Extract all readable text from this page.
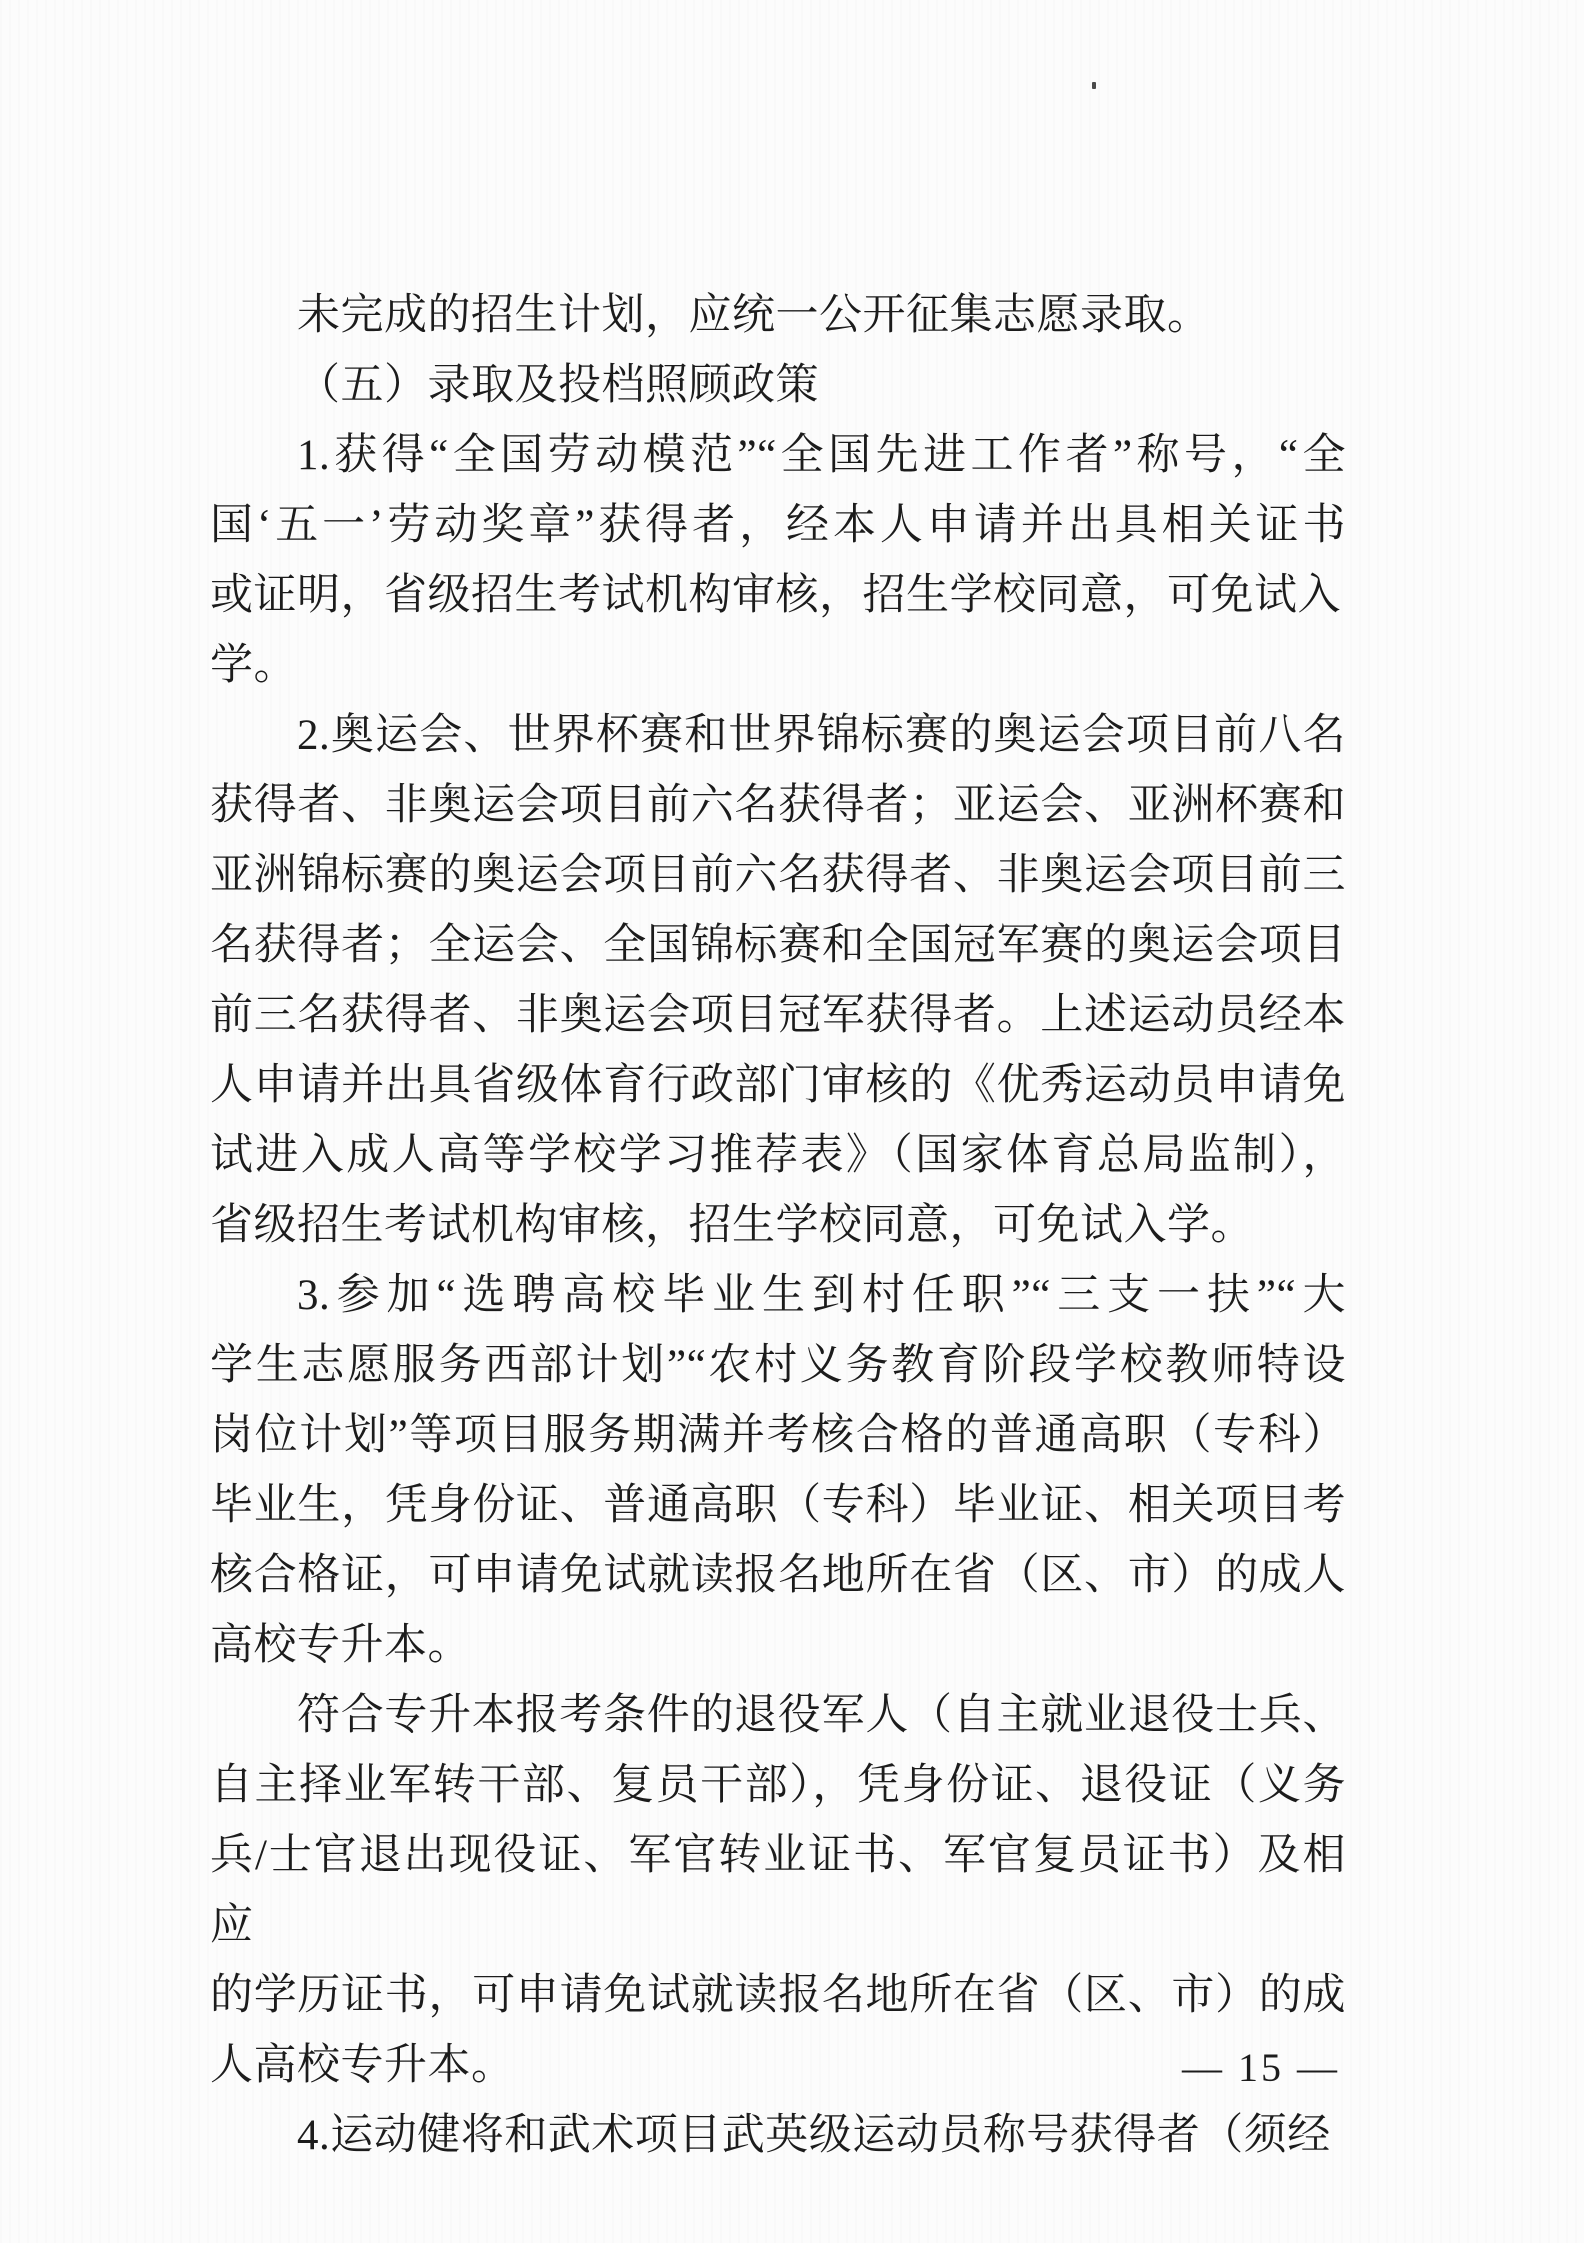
未完成的招生计划，应统一公开征集志愿录取。
（五）录取及投档照顾政策
1.获得“全国劳动模范”“全国先进工作者”称号，“全
国‘五一’劳动奖章”获得者，经本人申请并出具相关证书
或证明，省级招生考试机构审核，招生学校同意，可免试入学。
2.奥运会、世界杯赛和世界锦标赛的奥运会项目前八名
获得者、非奥运会项目前六名获得者；亚运会、亚洲杯赛和
亚洲锦标赛的奥运会项目前六名获得者、非奥运会项目前三
名获得者；全运会、全国锦标赛和全国冠军赛的奥运会项目
前三名获得者、非奥运会项目冠军获得者。上述运动员经本
人申请并出具省级体育行政部门审核的《优秀运动员申请免
试进入成人高等学校学习推荐表》（国家体育总局监制），
省级招生考试机构审核，招生学校同意，可免试入学。
3.参加“选聘高校毕业生到村任职”“三支一扶”“大
学生志愿服务西部计划”“农村义务教育阶段学校教师特设
岗位计划”等项目服务期满并考核合格的普通高职（专科）
毕业生，凭身份证、普通高职（专科）毕业证、相关项目考
核合格证，可申请免试就读报名地所在省（区、市）的成人
高校专升本。
符合专升本报考条件的退役军人（自主就业退役士兵、
自主择业军转干部、复员干部），凭身份证、退役证（义务
兵/士官退出现役证、军官转业证书、军官复员证书）及相应
的学历证书，可申请免试就读报名地所在省（区、市）的成
人高校专升本。
4.运动健将和武术项目武英级运动员称号获得者（须经
— 15 —
